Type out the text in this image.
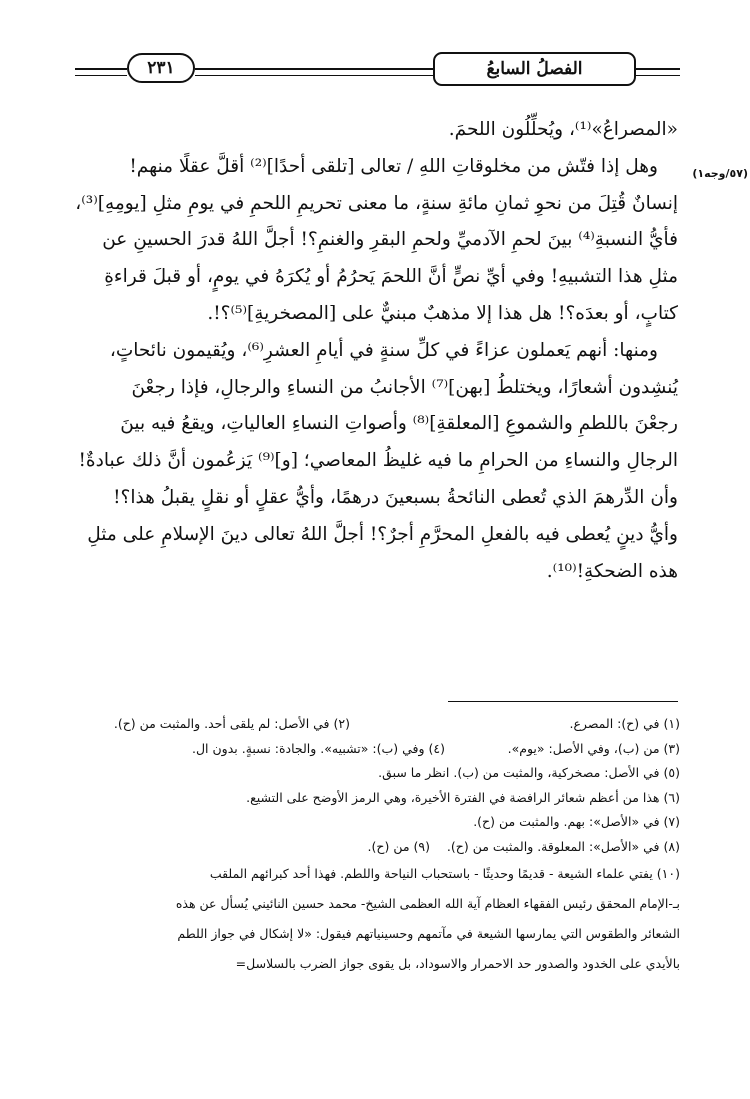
٢٣١	الفصلُ السابعُ
(٥٧/وجه١)
«المصراعُ»⁽¹⁾، ويُحلِّلُون اللحمَ.
وهل إذا فتّش من مخلوقاتِ اللهِ / تعالى [تلقى أحدًا]⁽²⁾ أقلَّ عقلًا منهم!
إنسانٌ قُتِلَ من نحوِ ثمانِ مائةِ سنةٍ، ما معنى تحريمِ اللحمِ في يومِ مثلِ [يومِهِ]⁽³⁾،
فأيُّ النسبةِ⁽⁴⁾ بينَ لحمِ الآدميِّ ولحمِ البقرِ والغنمِ؟! أجلَّ اللهُ قدرَ الحسينِ عن
مثلِ هذا التشبيهِ! وفي أيِّ نصٍّ أنَّ اللحمَ يَحرُمُ أو يُكرَهُ في يومٍ، أو قبلَ قراءةِ
كتابٍ، أو بعدَه؟! هل هذا إلا مذهبٌ مبنيٌّ على [المصخريةِ]⁽⁵⁾؟!.
ومنها: أنهم يَعملون عزاءً في كلِّ سنةٍ في أيامِ العشرِ⁽⁶⁾، ويُقيمون نائحاتٍ،
يُنشِدون أشعارًا، ويختلطُ [بهن]⁽⁷⁾ الأجانبُ من النساءِ والرجالِ، فإذا رجعْنَ
رجعْنَ باللطمِ والشموعِ [المعلقةِ]⁽⁸⁾ وأصواتِ النساءِ العالياتِ، ويقعُ فيه بينَ
الرجالِ والنساءِ من الحرامِ ما فيه غليظُ المعاصي؛ [و]⁽⁹⁾ يَزعُمون أنَّ ذلك عبادةٌ!
وأن الدِّرهمَ الذي تُعطى النائحةُ بسبعينَ درهمًا، وأيُّ عقلٍ أو نقلٍ يقبلُ هذا؟!
وأيُّ دينٍ يُعطى فيه بالفعلِ المحرَّمِ أجرٌ؟! أجلَّ اللهُ تعالى دينَ الإسلامِ على مثلِ
هذه الضحكةِ!⁽¹⁰⁾.
(١) في (ح): المصرع.
(٢) في الأصل: لم يلقى أحد. والمثبت من (ح).
(٣) من (ب)، وفي الأصل: «يوم».
(٤) وفي (ب): «تشبيه». والجادة: نسبةٍ. بدون ال.
(٥) في الأصل: مصخركية، والمثبت من (ب). انظر ما سبق.
(٦) هذا من أعظم شعائر الرافضة في الفترة الأخيرة، وهي الرمز الأوضح على التشيع.
(٧) في «الأصل»: بهم. والمثبت من (ح).
(٨) في «الأصل»: المعلوقة. والمثبت من (ح).
(٩) من (ح).
(١٠) يفتي علماء الشيعة - قديمًا وحديثًا - باستحباب النياحة واللطم. فهذا أحد كبرائهم الملقب
بـ-الإمام المحقق رئيس الفقهاء العظام آية الله العظمى الشيخ- محمد حسين النائيني يُسأل عن هذه
الشعائر والطقوس التي يمارسها الشيعة في مآتمهم وحسينياتهم فيقول: «لا إشكال في جواز اللطم
بالأيدي على الخدود والصدور حد الاحمرار والاسوداد، بل يقوى جواز الضرب بالسلاسل=
